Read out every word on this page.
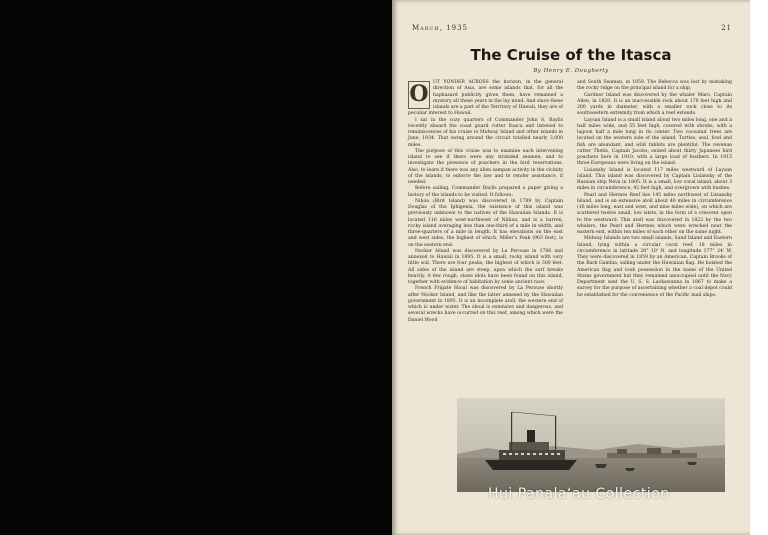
March, 1935	21
The Cruise of the Itasca
By Henry E. Dougherty

O UT YONDER ACROSS the horizon, in the general direction of Asia, are some islands that, for all the haphazard publicity given them, have remained a mystery all these years in the lay mind. And since these islands are a part of the Territory of Hawaii, they are of peculiar interest to Hawaii.

I sat in the cozy quarters of Commander John S. Baylis recently aboard the coast guard cutter Itasca and listened to reminiscences of his cruise to Midway Island and other islands in June, 1934. That swing around the circuit totalled nearly 3,000 miles.

The purpose of this cruise was to examine each intervening island to see if there were any stranded seamen, and to investigate the presence of poachers in the bird reservations. Also, to learn if there was any alien sampan activity in the vicinity of the islands, to enforce the law and to render assistance, if needed.

Before sailing, Commander Baylis prepared a paper giving a history of the islands to be visited. It follows:

Nihoa (Bird Island) was discovered in 1789 by Captain Douglas of the Iphigenia, the existence of this island was previously unknown to the natives of the Hawaiian Islands. It is located 116 miles west-northwest of Niihau, and is a barren, rocky island averaging less than one-third of a mile in width, and three-quarters of a mile in length. It has elevations on the east and west sides, the highest of which, Miller's Peak (903 feet), is on the eastern end.

Necker Island was discovered by La Perouse in 1786 and annexed to Hawaii in 1895. It is a small, rocky island with very little soil. There are four peaks, the highest of which is 300 feet. All sides of the island are steep, upon which the surf breaks heavily. A few rough, stone idols have been found on this island, together with evidence of habitation by some ancient race.

French Frigate Shoal was discovered by La Perouse shortly after Necker Island, and like the latter annexed by the Hawaiian government in 1895. It is an incomplete atoll, the western end of which is under water. The shoal is extensive and dangerous, and several wrecks have occurred on this reef, among which were the Daniel Wood

and South Seaman, in 1859. The Rebecca was lost by mistaking the rocky ridge on the principal island for a ship.

Gardner Island was discovered by the whaler Maro, Captain Allen, in 1820. It is an inaccessible rock about 170 feet high and 200 yards in diameter, with a smaller rock close to its southwestern extremity from which a reef extends.

Laysan Island is a small island about two miles long, one and a half miles wide, and 55 feet high, covered with shrubs, with a lagoon half a mile long in its center. Two cocoanut trees are located on the western side of the island. Turtles, seal, fowl and fish are abundant, and wild rabbits are plentiful. The revenue cutter Thetis, Captain Jacobs, seized about thirty Japanese bird poachers here in 1910, with a large load of feathers. In 1915 three Europeans were living on the island.

Lisiansky Island is located 117 miles westward of Laysan Island. This island was discovered by Captain Lisiansky of the Russian ship Neva in 1805. It is a small, low coral island, about 3 miles in circumference, 42 feet high, and overgrown with bushes.

Pearl and Hermes Reef lies 145 miles northwest of Lisiansky Island, and is an extensive atoll about 40 miles in circumference (16 miles long, east and west, and nine miles wide), on which are scattered twelve small, low islets, in the form of a crescent open to the westward. This atoll was discovered in 1822 by the two whalers, the Pearl and Hermes which were wrecked near the eastern end, within ten miles of each other on the same night.

Midway Islands are two small islands, Sand Island and Eastern Island, lying within a circular coral reef, 18 miles in circumference in latitude 28° 10' N. and longitude 177° 24' W. They were discovered in 1859 by an American, Captain Brooks of the Bark Gambia, sailing under the Hawaiian flag. He hoisted the American flag and took possession in the name of the United States government but they remained unoccupied until the Navy Department sent the U. S. S. Lackawanna in 1867 to make a survey for the purpose of ascertaining whether a coal depot could be established for the convenience of the Pacific mail ships.

Hui Panala‘au Collection
